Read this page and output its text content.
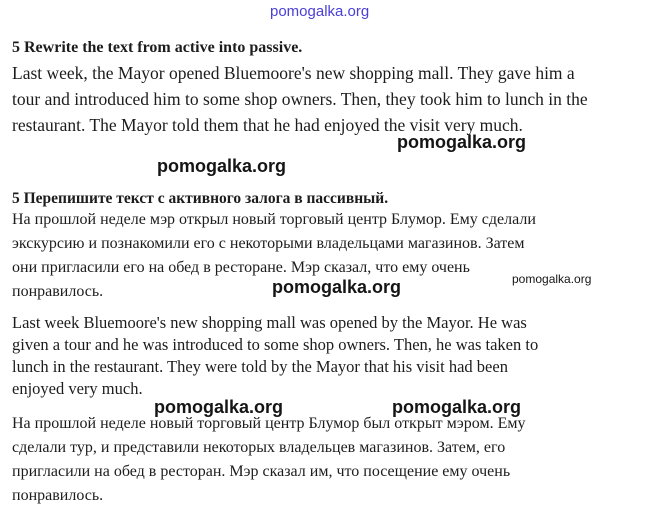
pomogalka.org
5 Rewrite the text from active into passive.

Last week, the Mayor opened Bluemoore's new shopping mall. They gave him a
tour and introduced him to some shop owners. Then, they took him to lunch in the
restaurant. The Mayor told them that he had enjoyed the visit very much.

pomogalka.org
pomogalka.org
5 Перепишите текст с активного залога в пассивный.

На прошлой неделе мэр открыл новый торговый центр Блумор. Ему сделали
экскурсию и познакомили его с некоторыми владельцами магазинов. Затем
они пригласили его на обед в ресторане. Мэр сказал, что ему очень
понравилось.

pomogalka.org
pomogalka.org

Last week Bluemoore's new shopping mall was opened by the Mayor. He was
given a tour and he was introduced to some shop owners. Then, he was taken to
lunch in the restaurant. They were told by the Mayor that his visit had been
enjoyed very much.

pomogalka.org	pomogalka.org

На прошлой неделе новый торговый центр Блумор был открыт мэром. Ему
сделали тур, и представили некоторых владельцев магазинов. Затем, его
пригласили на обед в ресторан. Мэр сказал им, что посещение ему очень
понравилось.
